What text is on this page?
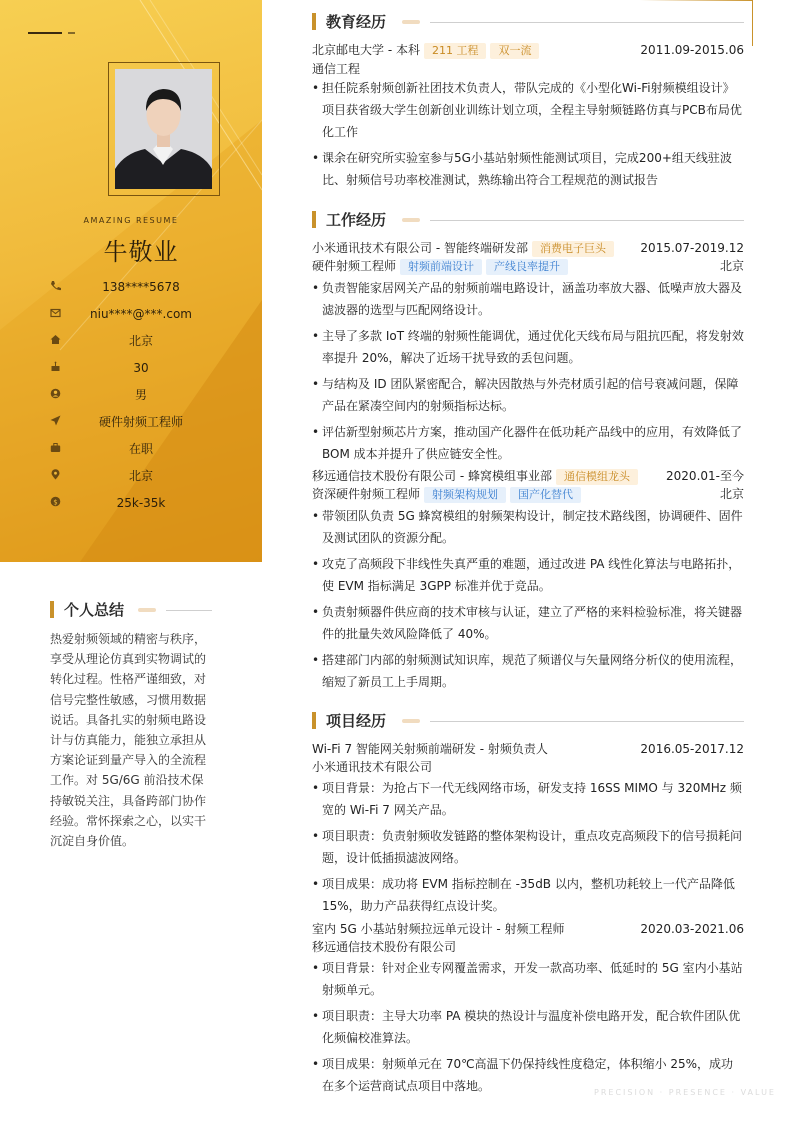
AMAZING RESUME
牛敬业
138****5678
niu****@***.com
北京
30
男
硬件射频工程师
在职
北京
$	25k-35k
个人总结
热爱射频领域的精密与秩序，享受从理论仿真到实物调试的转化过程。性格严谨细致，对信号完整性敏感，习惯用数据说话。具备扎实的射频电路设计与仿真能力，能独立承担从方案论证到量产导入的全流程工作。对 5G/6G 前沿技术保持敏锐关注，具备跨部门协作经验。常怀探索之心，以实干沉淀自身价值。
教育经历
北京邮电大学 - 本科 211 工程 双一流	2011.09-2015.06
通信工程
• 担任院系射频创新社团技术负责人，带队完成的《小型化Wi-Fi射频模组设计》项目获省级大学生创新创业训练计划立项，全程主导射频链路仿真与PCB布局优化工作
• 课余在研究所实验室参与5G小基站射频性能测试项目，完成200+组天线驻波比、射频信号功率校准测试，熟练输出符合工程规范的测试报告
工作经历
小米通讯技术有限公司 - 智能终端研发部 消费电子巨头	2015.07-2019.12
硬件射频工程师 射频前端设计 产线良率提升	北京
• 负责智能家居网关产品的射频前端电路设计，涵盖功率放大器、低噪声放大器及滤波器的选型与匹配网络设计。
• 主导了多款 IoT 终端的射频性能调优，通过优化天线布局与阻抗匹配，将发射效率提升 20%，解决了近场干扰导致的丢包问题。
• 与结构及 ID 团队紧密配合，解决因散热与外壳材质引起的信号衰减问题，保障产品在紧凑空间内的射频指标达标。
• 评估新型射频芯片方案，推动国产化器件在低功耗产品线中的应用，有效降低了 BOM 成本并提升了供应链安全性。
移远通信技术股份有限公司 - 蜂窝模组事业部 通信模组龙头	2020.01-至今
资深硬件射频工程师 射频架构规划 国产化替代	北京
• 带领团队负责 5G 蜂窝模组的射频架构设计，制定技术路线图，协调硬件、固件及测试团队的资源分配。
• 攻克了高频段下非线性失真严重的难题，通过改进 PA 线性化算法与电路拓扑，使 EVM 指标满足 3GPP 标准并优于竞品。
• 负责射频器件供应商的技术审核与认证，建立了严格的来料检验标准，将关键器件的批量失效风险降低了 40%。
• 搭建部门内部的射频测试知识库，规范了频谱仪与矢量网络分析仪的使用流程，缩短了新员工上手周期。
项目经历
Wi-Fi 7 智能网关射频前端研发 - 射频负责人	2016.05-2017.12
小米通讯技术有限公司
• 项目背景：为抢占下一代无线网络市场，研发支持 16SS MIMO 与 320MHz 频宽的 Wi-Fi 7 网关产品。
• 项目职责：负责射频收发链路的整体架构设计，重点攻克高频段下的信号损耗问题，设计低插损滤波网络。
• 项目成果：成功将 EVM 指标控制在 -35dB 以内，整机功耗较上一代产品降低 15%，助力产品获得红点设计奖。
室内 5G 小基站射频拉远单元设计 - 射频工程师	2020.03-2021.06
移远通信技术股份有限公司
• 项目背景：针对企业专网覆盖需求，开发一款高功率、低延时的 5G 室内小基站射频单元。
• 项目职责：主导大功率 PA 模块的热设计与温度补偿电路开发，配合软件团队优化频偏校准算法。
• 项目成果：射频单元在 70℃高温下仍保持线性度稳定，体积缩小 25%，成功在多个运营商试点项目中落地。	PRECISION · PRESENCE · VALUE
